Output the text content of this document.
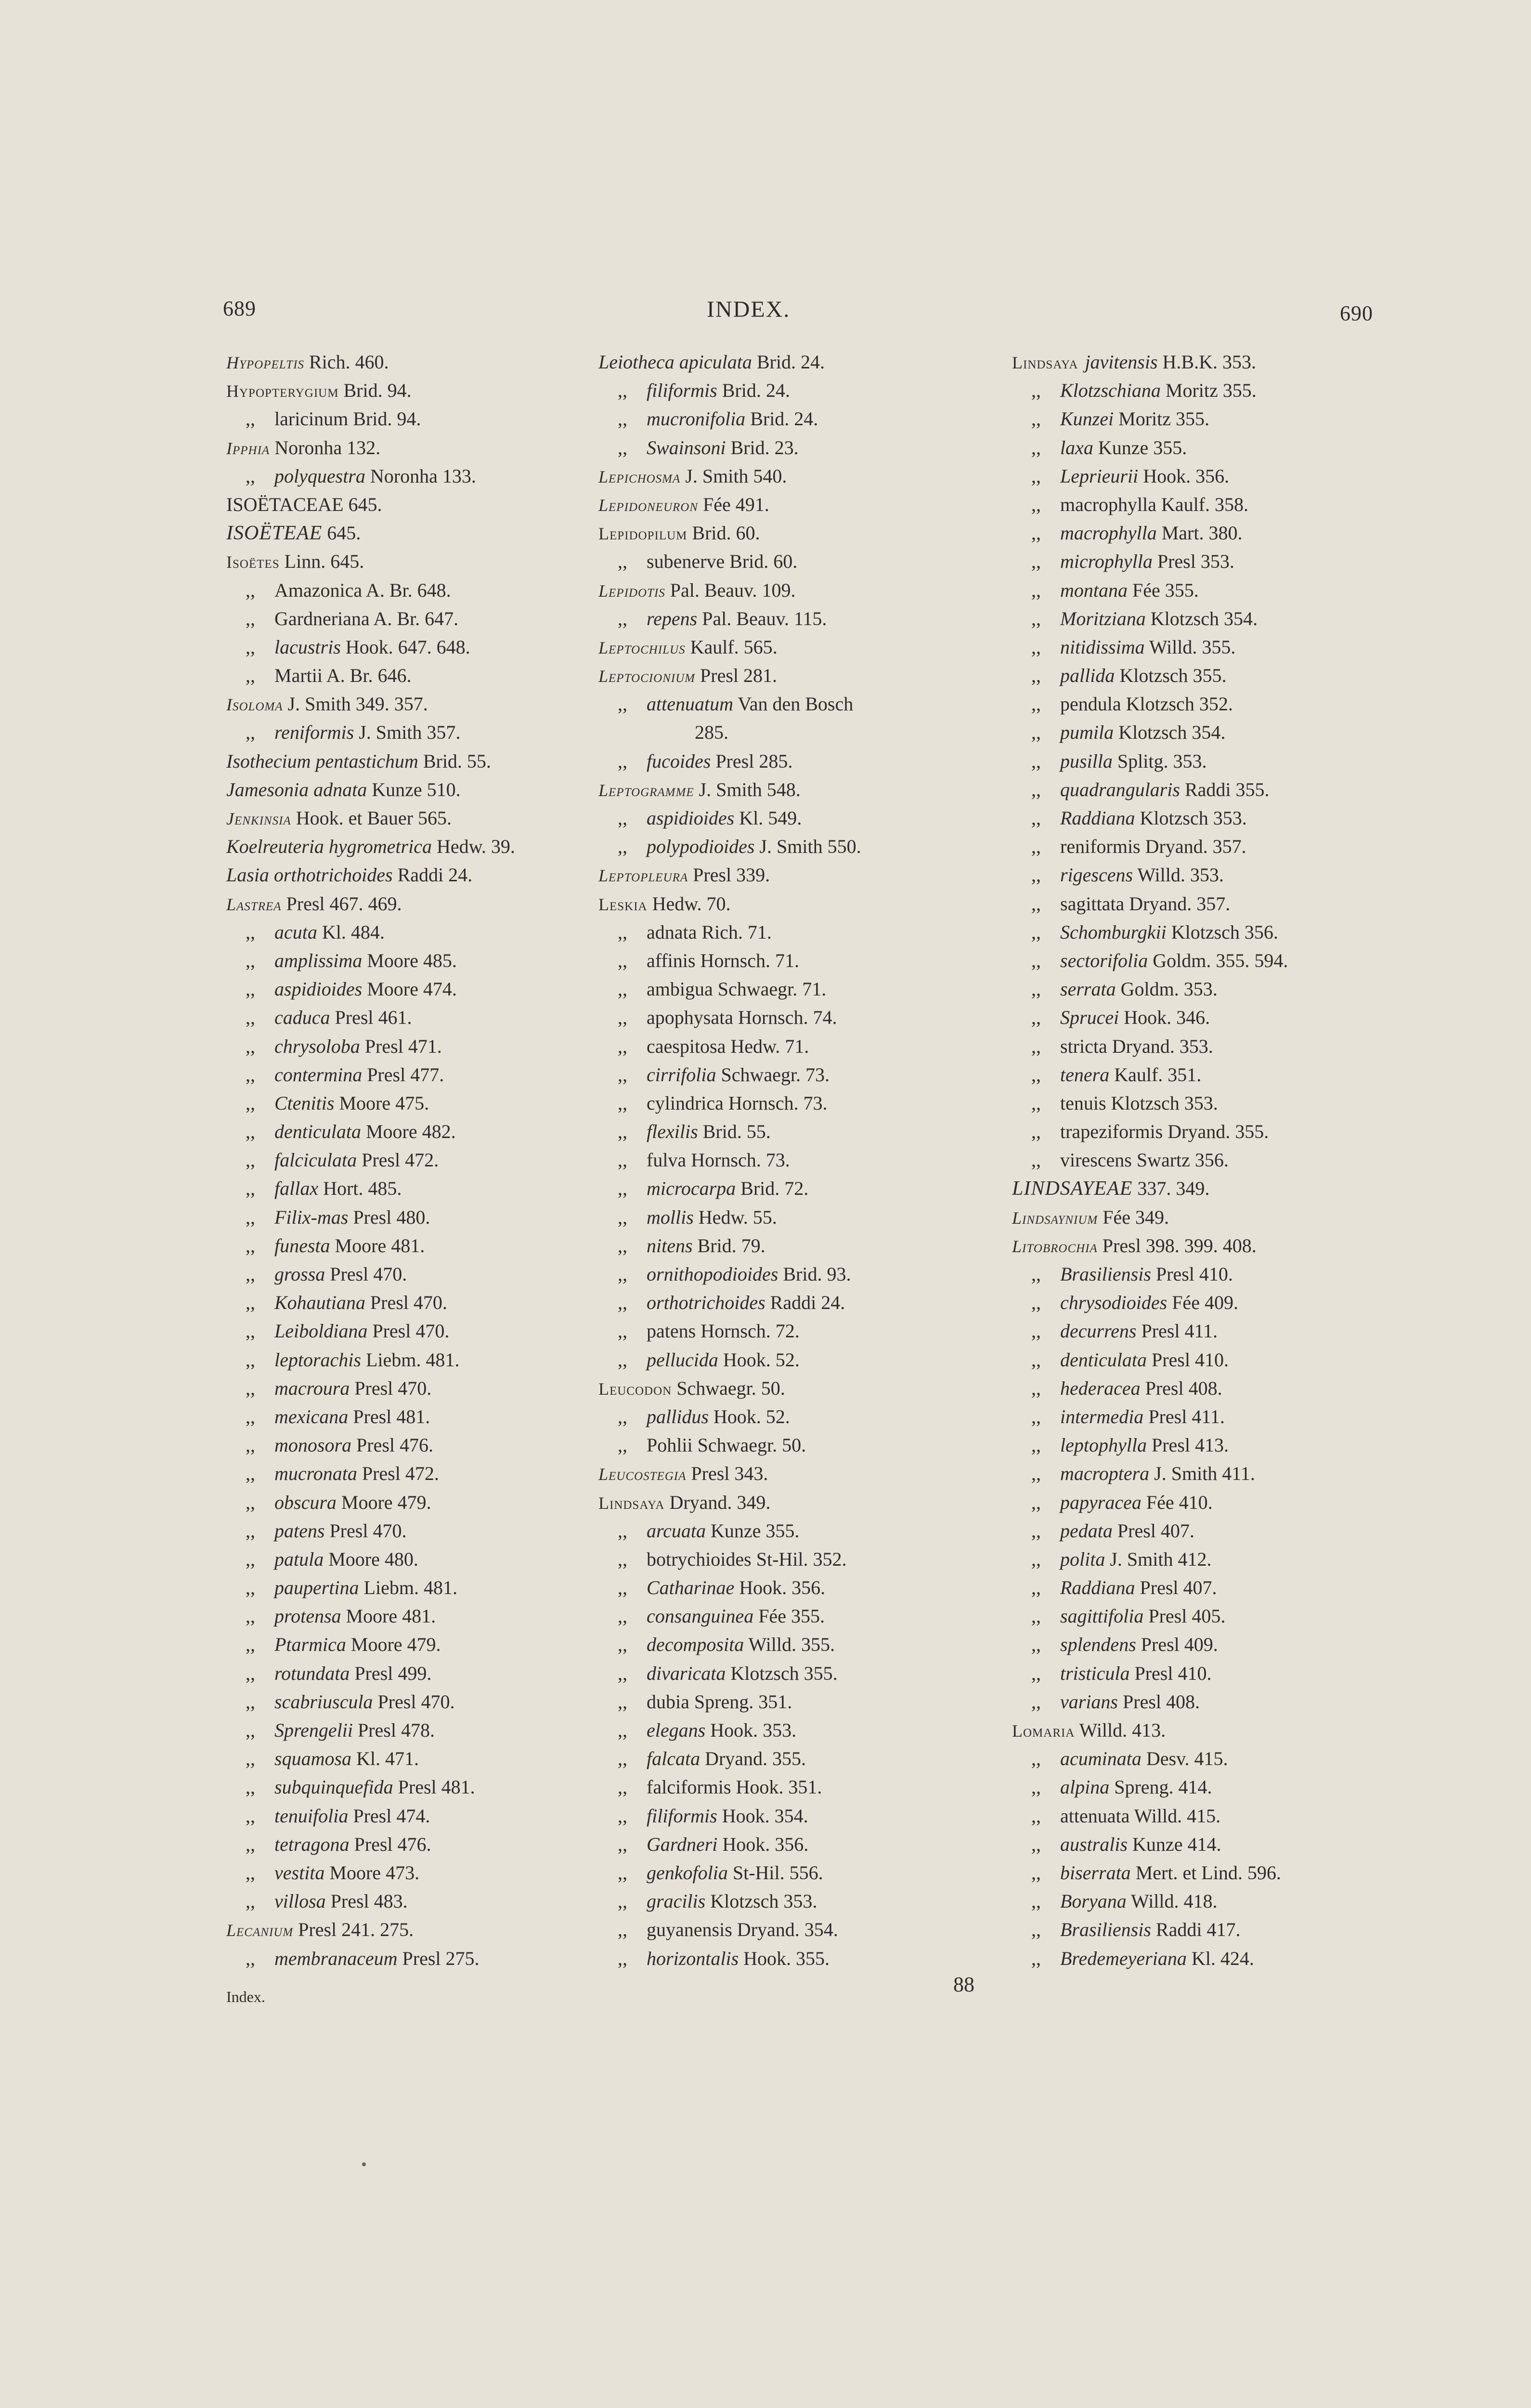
689	INDEX.	690
Hypopeltis Rich. 460.
Hypopterygium Brid. 94.
,, laricinum Brid. 94.
Ipphia Noronha 132.
,, polyquestra Noronha 133.
ISOËTACEAE 645.
ISOËTEAE 645.
Isoëtes Linn. 645.
,, Amazonica A. Br. 648.
,, Gardneriana A. Br. 647.
,, lacustris Hook. 647. 648.
,, Martii A. Br. 646.
Isoloma J. Smith 349. 357.
,, reniformis J. Smith 357.
Isothecium pentastichum Brid. 55.
Jamesonia adnata Kunze 510.
Jenkinsia Hook. et Bauer 565.
Koelreuteria hygrometrica Hedw. 39.
Lasia orthotrichoides Raddi 24.
Lastrea Presl 467. 469.
,, acuta Kl. 484.
,, amplissima Moore 485.
,, aspidioides Moore 474.
,, caduca Presl 461.
,, chrysoloba Presl 471.
,, contermina Presl 477.
,, Ctenitis Moore 475.
,, denticulata Moore 482.
,, falciculata Presl 472.
,, fallax Hort. 485.
,, Filix-mas Presl 480.
,, funesta Moore 481.
,, grossa Presl 470.
,, Kohautiana Presl 470.
,, Leiboldiana Presl 470.
,, leptorachis Liebm. 481.
,, macroura Presl 470.
,, mexicana Presl 481.
,, monosora Presl 476.
,, mucronata Presl 472.
,, obscura Moore 479.
,, patens Presl 470.
,, patula Moore 480.
,, paupertina Liebm. 481.
,, protensa Moore 481.
,, Ptarmica Moore 479.
,, rotundata Presl 499.
,, scabriuscula Presl 470.
,, Sprengelii Presl 478.
,, squamosa Kl. 471.
,, subquinquefida Presl 481.
,, tenuifolia Presl 474.
,, tetragona Presl 476.
,, vestita Moore 473.
,, villosa Presl 483.
Lecanium Presl 241. 275.
,, membranaceum Presl 275.
Leiotheca apiculata Brid. 24.
,, filiformis Brid. 24.
,, mucronifolia Brid. 24.
,, Swainsoni Brid. 23.
Lepichosma J. Smith 540.
Lepidoneuron Fée 491.
Lepidopilum Brid. 60.
,, subenerve Brid. 60.
Lepidotis Pal. Beauv. 109.
,, repens Pal. Beauv. 115.
Leptochilus Kaulf. 565.
Leptocionium Presl 281.
,, attenuatum Van den Bosch
285.
,, fucoides Presl 285.
Leptogramme J. Smith 548.
,, aspidioides Kl. 549.
,, polypodioides J. Smith 550.
Leptopleura Presl 339.
Leskia Hedw. 70.
,, adnata Rich. 71.
,, affinis Hornsch. 71.
,, ambigua Schwaegr. 71.
,, apophysata Hornsch. 74.
,, caespitosa Hedw. 71.
,, cirrifolia Schwaegr. 73.
,, cylindrica Hornsch. 73.
,, flexilis Brid. 55.
,, fulva Hornsch. 73.
,, microcarpa Brid. 72.
,, mollis Hedw. 55.
,, nitens Brid. 79.
,, ornithopodioides Brid. 93.
,, orthotrichoides Raddi 24.
,, patens Hornsch. 72.
,, pellucida Hook. 52.
Leucodon Schwaegr. 50.
,, pallidus Hook. 52.
,, Pohlii Schwaegr. 50.
Leucostegia Presl 343.
Lindsaya Dryand. 349.
,, arcuata Kunze 355.
,, botrychioides St-Hil. 352.
,, Catharinae Hook. 356.
,, consanguinea Fée 355.
,, decomposita Willd. 355.
,, divaricata Klotzsch 355.
,, dubia Spreng. 351.
,, elegans Hook. 353.
,, falcata Dryand. 355.
,, falciformis Hook. 351.
,, filiformis Hook. 354.
,, Gardneri Hook. 356.
,, genkofolia St-Hil. 556.
,, gracilis Klotzsch 353.
,, guyanensis Dryand. 354.
,, horizontalis Hook. 355.
Lindsaya javitensis H.B.K. 353.
,, Klotzschiana Moritz 355.
,, Kunzei Moritz 355.
,, laxa Kunze 355.
,, Leprieurii Hook. 356.
,, macrophylla Kaulf. 358.
,, macrophylla Mart. 380.
,, microphylla Presl 353.
,, montana Fée 355.
,, Moritziana Klotzsch 354.
,, nitidissima Willd. 355.
,, pallida Klotzsch 355.
,, pendula Klotzsch 352.
,, pumila Klotzsch 354.
,, pusilla Splitg. 353.
,, quadrangularis Raddi 355.
,, Raddiana Klotzsch 353.
,, reniformis Dryand. 357.
,, rigescens Willd. 353.
,, sagittata Dryand. 357.
,, Schomburgkii Klotzsch 356.
,, sectorifolia Goldm. 355. 594.
,, serrata Goldm. 353.
,, Sprucei Hook. 346.
,, stricta Dryand. 353.
,, tenera Kaulf. 351.
,, tenuis Klotzsch 353.
,, trapeziformis Dryand. 355.
,, virescens Swartz 356.
LINDSAYEAE 337. 349.
Lindsaynium Fée 349.
Litobrochia Presl 398. 399. 408.
,, Brasiliensis Presl 410.
,, chrysodioides Fée 409.
,, decurrens Presl 411.
,, denticulata Presl 410.
,, hederacea Presl 408.
,, intermedia Presl 411.
,, leptophylla Presl 413.
,, macroptera J. Smith 411.
,, papyracea Fée 410.
,, pedata Presl 407.
,, polita J. Smith 412.
,, Raddiana Presl 407.
,, sagittifolia Presl 405.
,, splendens Presl 409.
,, tristicula Presl 410.
,, varians Presl 408.
Lomaria Willd. 413.
,, acuminata Desv. 415.
,, alpina Spreng. 414.
,, attenuata Willd. 415.
,, australis Kunze 414.
,, biserrata Mert. et Lind. 596.
,, Boryana Willd. 418.
,, Brasiliensis Raddi 417.
,, Bredemeyeriana Kl. 424.
88
Index.
